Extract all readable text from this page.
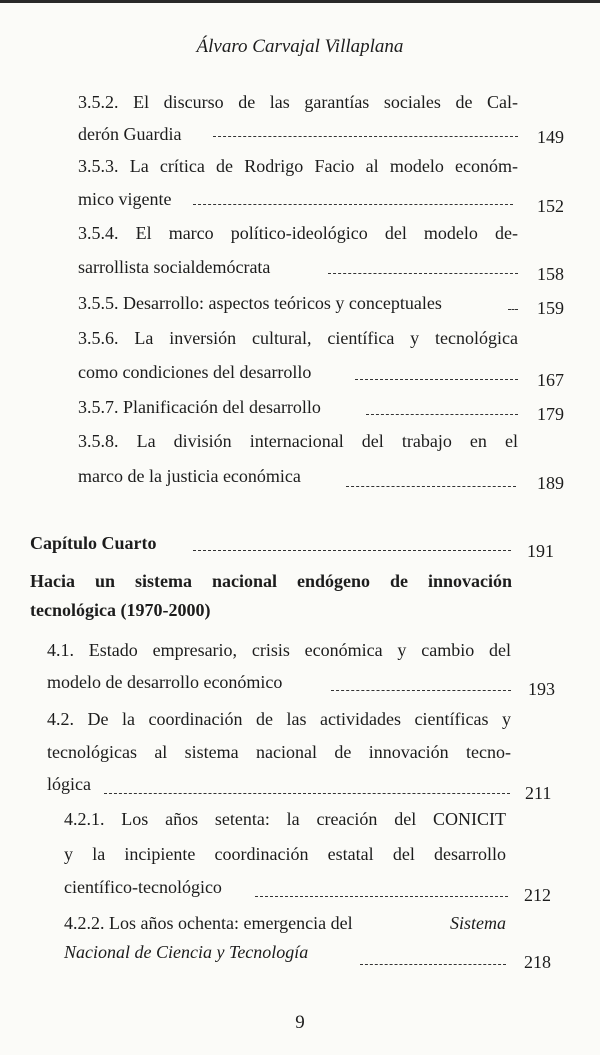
Álvaro Carvajal Villaplana
3.5.2. El discurso de las garantías sociales de Cal-
derón Guardia	149
3.5.3. La crítica de Rodrigo Facio al modelo económ-
mico vigente	152
3.5.4. El marco político-ideológico del modelo de-
sarrollista socialdemócrata	158
3.5.5. Desarrollo: aspectos teóricos y conceptuales	159
3.5.6. La inversión cultural, científica y tecnológica
como condiciones del desarrollo	167
3.5.7. Planificación del desarrollo	179
3.5.8. La división internacional del trabajo en el
marco de la justicia económica	189
Capítulo Cuarto	191
Hacia un sistema nacional endógeno de innovación
tecnológica (1970-2000)
4.1. Estado empresario, crisis económica y cambio del
modelo de desarrollo económico	193
4.2. De la coordinación de las actividades científicas y
tecnológicas al sistema nacional de innovación tecno-
lógica	211
4.2.1. Los años setenta: la creación del CONICIT
y la incipiente coordinación estatal del desarrollo
científico-tecnológico	212
4.2.2. Los años ochenta: emergencia del	Sistema
Nacional de Ciencia y Tecnología	218
9
